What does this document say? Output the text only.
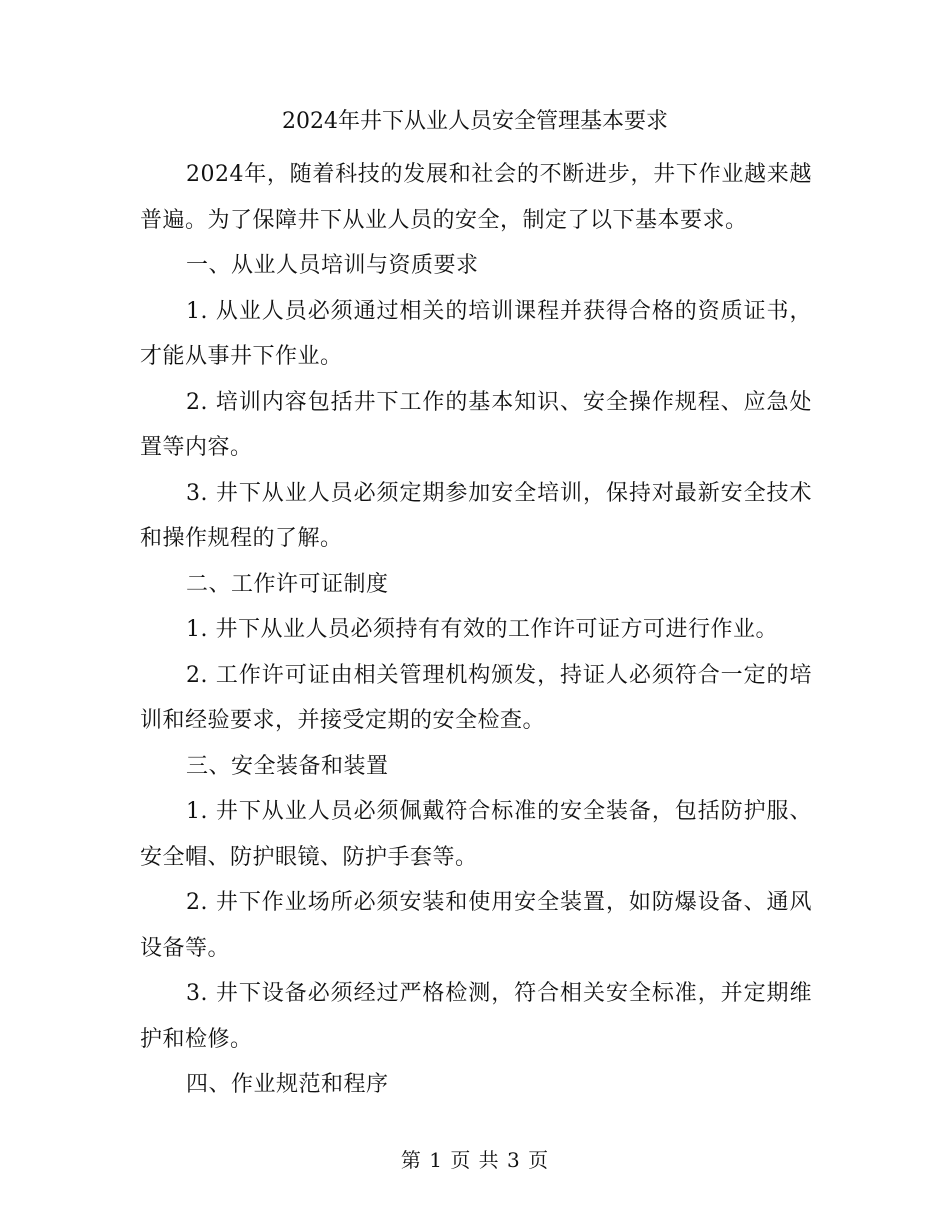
2024年井下从业人员安全管理基本要求

2024年，随着科技的发展和社会的不断进步，井下作业越来越普遍。为了保障井下从业人员的安全，制定了以下基本要求。

一、从业人员培训与资质要求

1. 从业人员必须通过相关的培训课程并获得合格的资质证书，才能从事井下作业。

2. 培训内容包括井下工作的基本知识、安全操作规程、应急处置等内容。

3. 井下从业人员必须定期参加安全培训，保持对最新安全技术和操作规程的了解。

二、工作许可证制度

1. 井下从业人员必须持有有效的工作许可证方可进行作业。

2. 工作许可证由相关管理机构颁发，持证人必须符合一定的培训和经验要求，并接受定期的安全检查。

三、安全装备和装置

1. 井下从业人员必须佩戴符合标准的安全装备，包括防护服、安全帽、防护眼镜、防护手套等。

2. 井下作业场所必须安装和使用安全装置，如防爆设备、通风设备等。

3. 井下设备必须经过严格检测，符合相关安全标准，并定期维护和检修。

四、作业规范和程序

第 1 页 共 3 页
